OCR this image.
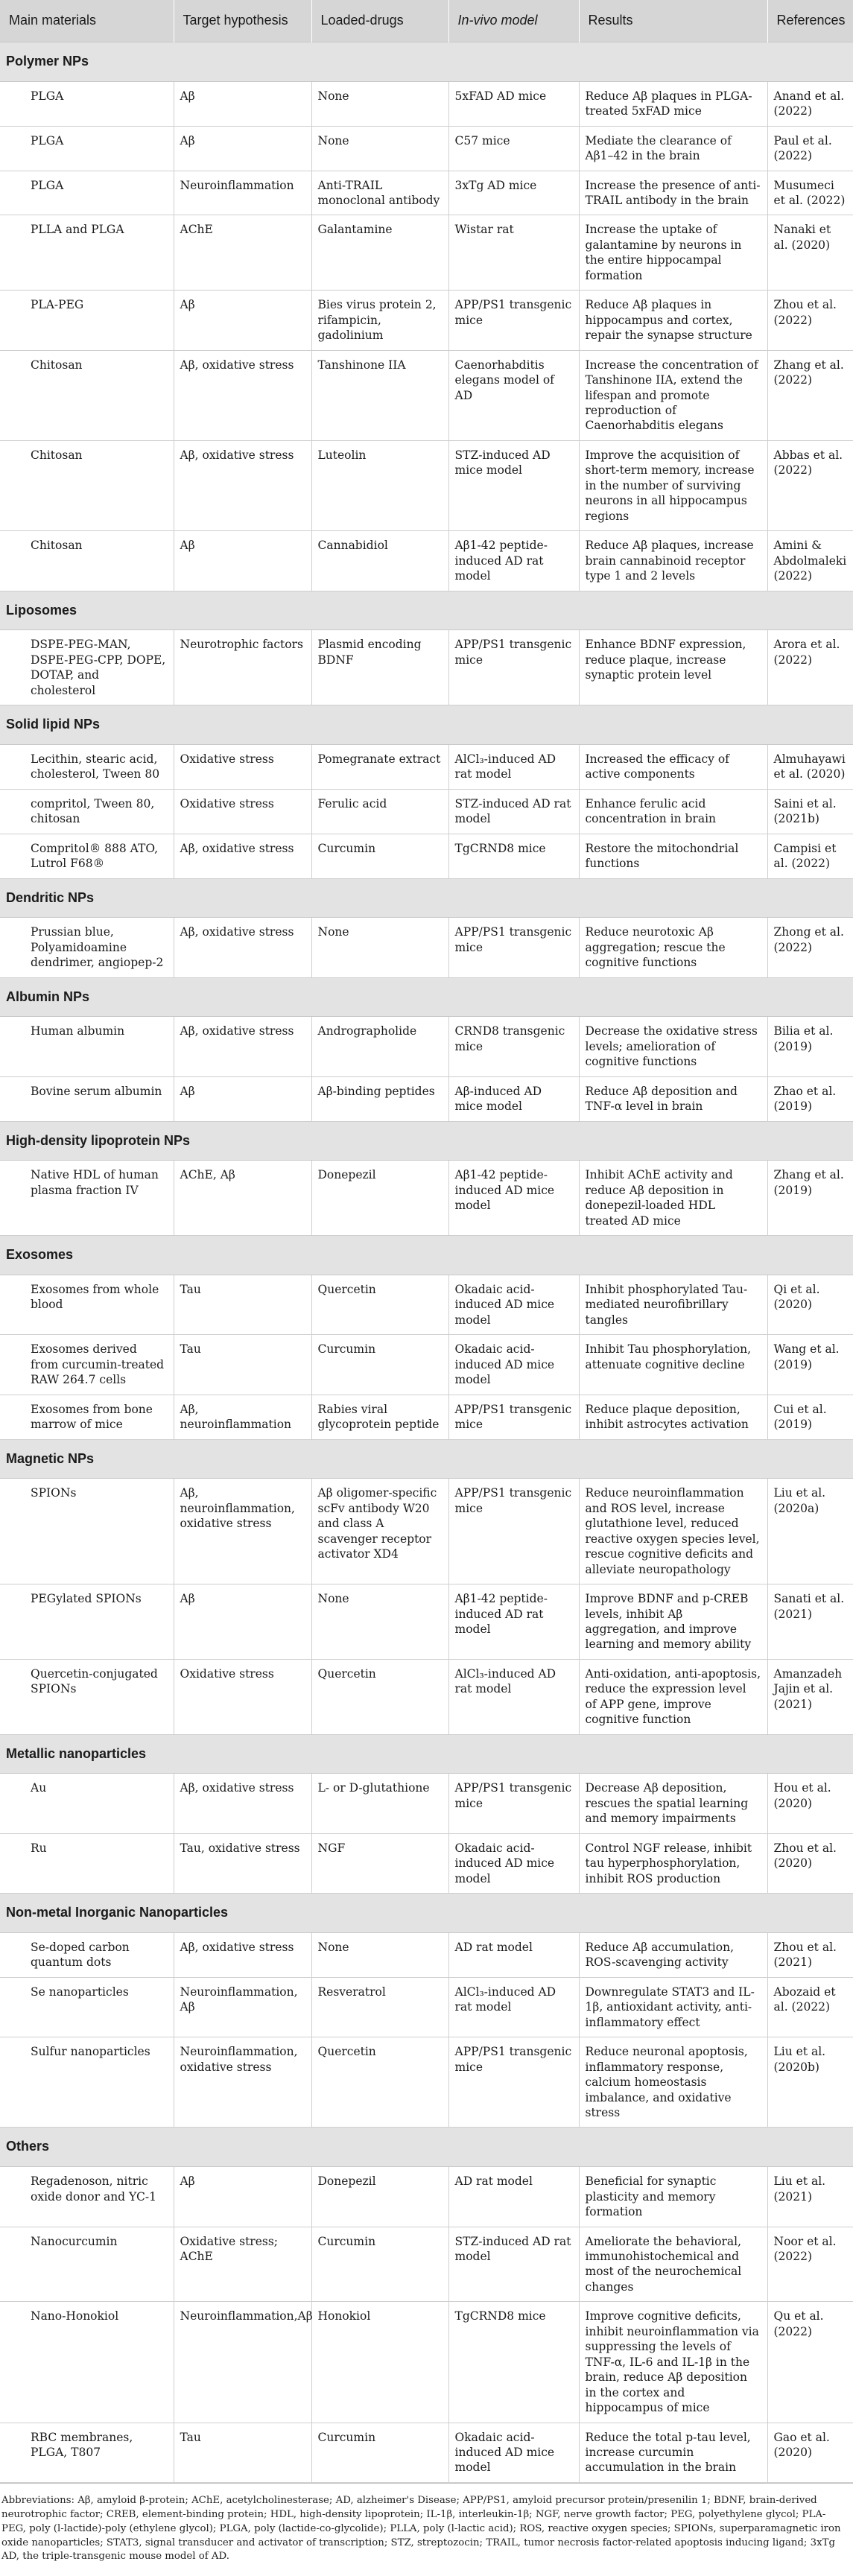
Main materials	Target hypothesis	Loaded-drugs	In-vivo model	Results	References
Polymer NPs					
PLGA	Aβ	None	5xFAD AD mice	Reduce Aβ plaques in PLGA-treated 5xFAD mice	Anand et al. (2022)
PLGA	Aβ	None	C57 mice	Mediate the clearance of Aβ1–42 in the brain	Paul et al. (2022)
PLGA	Neuroinflammation	Anti-TRAIL monoclonal antibody	3xTg AD mice	Increase the presence of anti-TRAIL antibody in the brain	Musumeci et al. (2022)
PLLA and PLGA	AChE	Galantamine	Wistar rat	Increase the uptake of galantamine by neurons in the entire hippocampal formation	Nanaki et al. (2020)
PLA-PEG	Aβ	Bies virus protein 2, rifampicin, gadolinium	APP/PS1 transgenic mice	Reduce Aβ plaques in hippocampus and cortex, repair the synapse structure	Zhou et al. (2022)
Chitosan	Aβ, oxidative stress	Tanshinone IIA	Caenorhabditis elegans model of AD	Increase the concentration of Tanshinone IIA, extend the lifespan and promote reproduction of Caenorhabditis elegans	Zhang et al. (2022)
Chitosan	Aβ, oxidative stress	Luteolin	STZ-induced AD mice model	Improve the acquisition of short-term memory, increase in the number of surviving neurons in all hippocampus regions	Abbas et al. (2022)
Chitosan	Aβ	Cannabidiol	Aβ1-42 peptide-induced AD rat model	Reduce Aβ plaques, increase brain cannabinoid receptor type 1 and 2 levels	Amini & Abdolmaleki (2022)
Liposomes					
DSPE-PEG-MAN, DSPE-PEG-CPP, DOPE, DOTAP, and cholesterol	Neurotrophic factors	Plasmid encoding BDNF	APP/PS1 transgenic mice	Enhance BDNF expression, reduce plaque, increase synaptic protein level	Arora et al. (2022)
Solid lipid NPs					
Lecithin, stearic acid, cholesterol, Tween 80	Oxidative stress	Pomegranate extract	AlCl₃-induced AD rat model	Increased the efficacy of active components	Almuhayawi et al. (2020)
compritol, Tween 80, chitosan	Oxidative stress	Ferulic acid	STZ-induced AD rat model	Enhance ferulic acid concentration in brain	Saini et al. (2021b)
Compritol® 888 ATO, Lutrol F68®	Aβ, oxidative stress	Curcumin	TgCRND8 mice	Restore the mitochondrial functions	Campisi et al. (2022)
Dendritic NPs					
Prussian blue, Polyamidoamine dendrimer, angiopep-2	Aβ, oxidative stress	None	APP/PS1 transgenic mice	Reduce neurotoxic Aβ aggregation; rescue the cognitive functions	Zhong et al. (2022)
Albumin NPs					
Human albumin	Aβ, oxidative stress	Andrographolide	CRND8 transgenic mice	Decrease the oxidative stress levels; amelioration of cognitive functions	Bilia et al. (2019)
Bovine serum albumin	Aβ	Aβ-binding peptides	Aβ-induced AD mice model	Reduce Aβ deposition and TNF-α level in brain	Zhao et al. (2019)
High-density lipoprotein NPs					
Native HDL of human plasma fraction IV	AChE, Aβ	Donepezil	Aβ1-42 peptide-induced AD mice model	Inhibit AChE activity and reduce Aβ deposition in donepezil-loaded HDL treated AD mice	Zhang et al. (2019)
Exosomes					
Exosomes from whole blood	Tau	Quercetin	Okadaic acid- induced AD mice model	Inhibit phosphorylated Tau-mediated neurofibrillary tangles	Qi et al. (2020)
Exosomes derived from curcumin-treated RAW 264.7 cells	Tau	Curcumin	Okadaic acid- induced AD mice model	Inhibit Tau phosphorylation, attenuate cognitive decline	Wang et al. (2019)
Exosomes from bone marrow of mice	Aβ, neuroinflammation	Rabies viral glycoprotein peptide	APP/PS1 transgenic mice	Reduce plaque deposition, inhibit astrocytes activation	Cui et al. (2019)
Magnetic NPs					
SPIONs	Aβ, neuroinflammation, oxidative stress	Aβ oligomer-specific scFv antibody W20 and class A scavenger receptor activator XD4	APP/PS1 transgenic mice	Reduce neuroinflammation and ROS level, increase glutathione level, reduced reactive oxygen species level, rescue cognitive deficits and alleviate neuropathology	Liu et al. (2020a)
PEGylated SPIONs	Aβ	None	Aβ1-42 peptide-induced AD rat model	Improve BDNF and p-CREB levels, inhibit Aβ aggregation, and improve learning and memory ability	Sanati et al. (2021)
Quercetin-conjugated SPIONs	Oxidative stress	Quercetin	AlCl₃-induced AD rat model	Anti-oxidation, anti-apoptosis, reduce the expression level of APP gene, improve cognitive function	Amanzadeh Jajin et al. (2021)
Metallic nanoparticles					
Au	Aβ, oxidative stress	L- or D-glutathione	APP/PS1 transgenic mice	Decrease Aβ deposition, rescues the spatial learning and memory impairments	Hou et al. (2020)
Ru	Tau, oxidative stress	NGF	Okadaic acid- induced AD mice model	Control NGF release, inhibit tau hyperphosphorylation, inhibit ROS production	Zhou et al. (2020)
Non-metal Inorganic Nanoparticles					
Se-doped carbon quantum dots	Aβ, oxidative stress	None	AD rat model	Reduce Aβ accumulation, ROS-scavenging activity	Zhou et al. (2021)
Se nanoparticles	Neuroinflammation, Aβ	Resveratrol	AlCl₃-induced AD rat model	Downregulate STAT3 and IL-1β, antioxidant activity, anti-inflammatory effect	Abozaid et al. (2022)
Sulfur nanoparticles	Neuroinflammation, oxidative stress	Quercetin	APP/PS1 transgenic mice	Reduce neuronal apoptosis, inflammatory response, calcium homeostasis imbalance, and oxidative stress	Liu et al. (2020b)
Others					
Regadenoson, nitric oxide donor and YC-1	Aβ	Donepezil	AD rat model	Beneficial for synaptic plasticity and memory formation	Liu et al. (2021)
Nanocurcumin	Oxidative stress; AChE	Curcumin	STZ-induced AD rat model	Ameliorate the behavioral, immunohistochemical and most of the neurochemical changes	Noor et al. (2022)
Nano-Honokiol	Neuroinflammation,Aβ	Honokiol	TgCRND8 mice	Improve cognitive deficits, inhibit neuroinflammation via suppressing the levels of TNF-α, IL-6 and IL-1β in the brain, reduce Aβ deposition in the cortex and hippocampus of mice	Qu et al. (2022)
RBC membranes, PLGA, T807	Tau	Curcumin	Okadaic acid- induced AD mice model	Reduce the total p-tau level, increase curcumin accumulation in the brain	Gao et al. (2020)
Abbreviations: Aβ, amyloid β-protein; AChE, acetylcholinesterase; AD, alzheimer's Disease; APP/PS1, amyloid precursor protein/presenilin 1; BDNF, brain-derived neurotrophic factor; CREB, element-binding protein; HDL, high-density lipoprotein; IL-1β, interleukin-1β; NGF, nerve growth factor; PEG, polyethylene glycol; PLA-PEG, poly (l-lactide)-poly (ethylene glycol); PLGA, poly (lactide-co-glycolide); PLLA, poly (l-lactic acid); ROS, reactive oxygen species; SPIONs, superparamagnetic iron oxide nanoparticles; STAT3, signal transducer and activator of transcription; STZ, streptozocin; TRAIL, tumor necrosis factor-related apoptosis inducing ligand; 3xTg AD, the triple-transgenic mouse model of AD.
